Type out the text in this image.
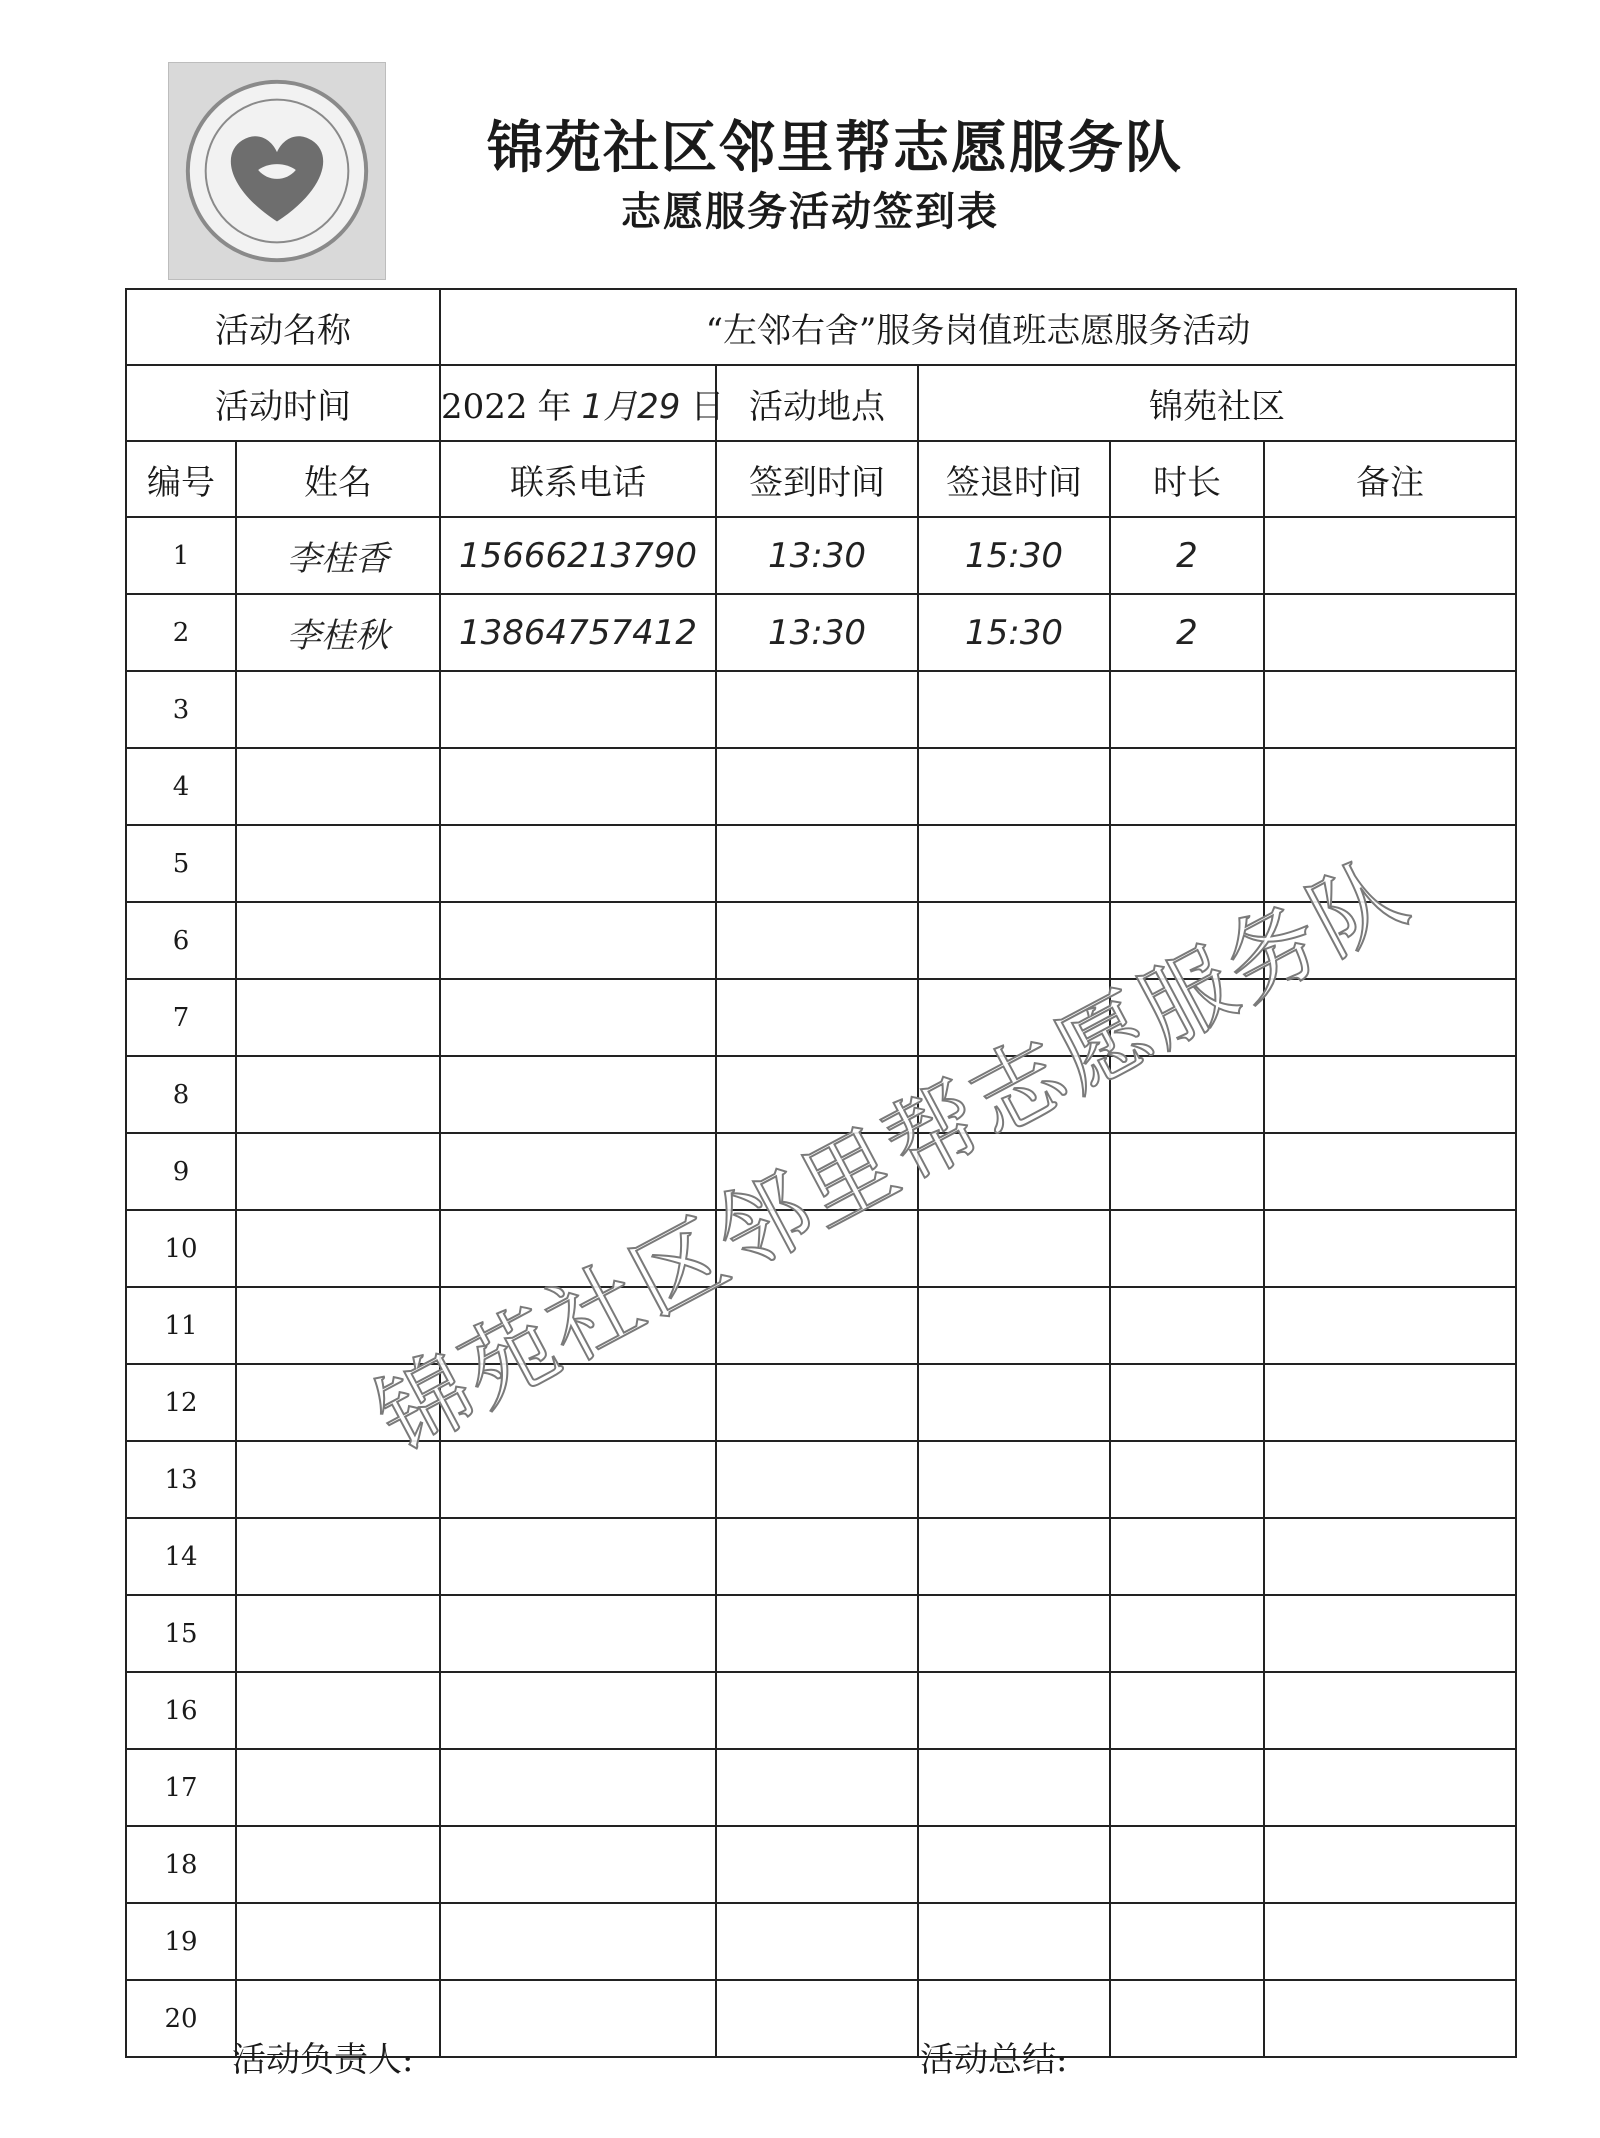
锦苑社区邻里帮志愿服务队
志愿服务活动签到表
活动名称		“左邻右舍”服务岗值班志愿服务活动				
活动时间		2022 年 1月29 日	活动地点	锦苑社区		
编号	姓名	联系电话	签到时间	签退时间	时长	备注
1	李桂香	15666213790	13:30	15:30	2	
2	李桂秋	13864757412	13:30	15:30	2	
3						
4						
5						
6						
7						
8						
9						
10						
11						
12						
13						
14						
15						
16						
17						
18						
19						
20						
活动负责人:	活动总结:
锦苑社区邻里帮志愿服务队
